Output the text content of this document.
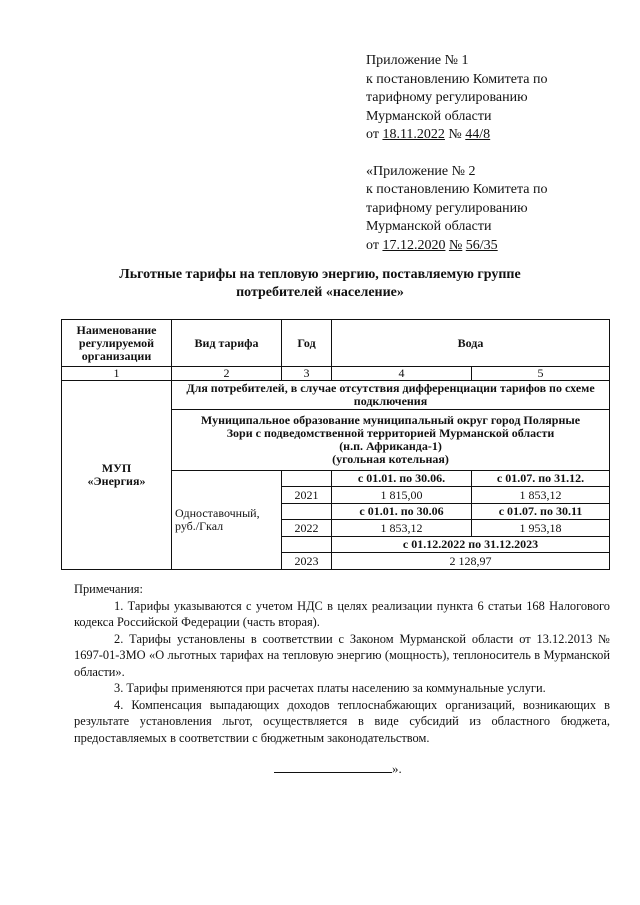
Приложение № 1
к постановлению Комитета по
тарифному регулированию
Мурманской области
от 18.11.2022 № 44/8
«Приложение № 2
к постановлению Комитета по
тарифному регулированию
Мурманской области
от 17.12.2020 № 56/35
Льготные тарифы на тепловую энергию, поставляемую группе
потребителей «население»
Наименование регулируемой организации	Вид тарифа	Год	Вода	
1	2	3	4	5

МУП
«Энергия»	Для потребителей, в случае отсутствия дифференциации тарифов по схеме подключения			

	Муниципальное образование муниципальный округ город Полярные
Зори с подведомственной территорией Мурманской области
(н.п. Африканда-1)
(угольная котельная)			

	Одноставочный,
руб./Гкал		с 01.01. по 30.06.	с 01.07. по 31.12.
		2021	1 815,00	1 853,12
			с 01.01. по 30.06	с 01.07. по 30.11
		2022	1 853,12	1 953,18
			с 01.12.2022 по 31.12.2023	
		2023	2 128,97	

Примечания:

1. Тарифы указываются с учетом НДС в целях реализации пункта 6 статьи 168 Налогового кодекса Российской Федерации (часть вторая).

2. Тарифы установлены в соответствии с Законом Мурманской области от 13.12.2013 № 1697-01-ЗМО «О льготных тарифах на тепловую энергию (мощность), теплоноситель в Мурманской области».

3. Тарифы применяются при расчетах платы населению за коммунальные услуги.

4. Компенсация выпадающих доходов теплоснабжающих организаций, возникающих в результате установления льгот, осуществляется в виде субсидий из областного бюджета, предоставляемых в соответствии с бюджетным законодательством.

».
